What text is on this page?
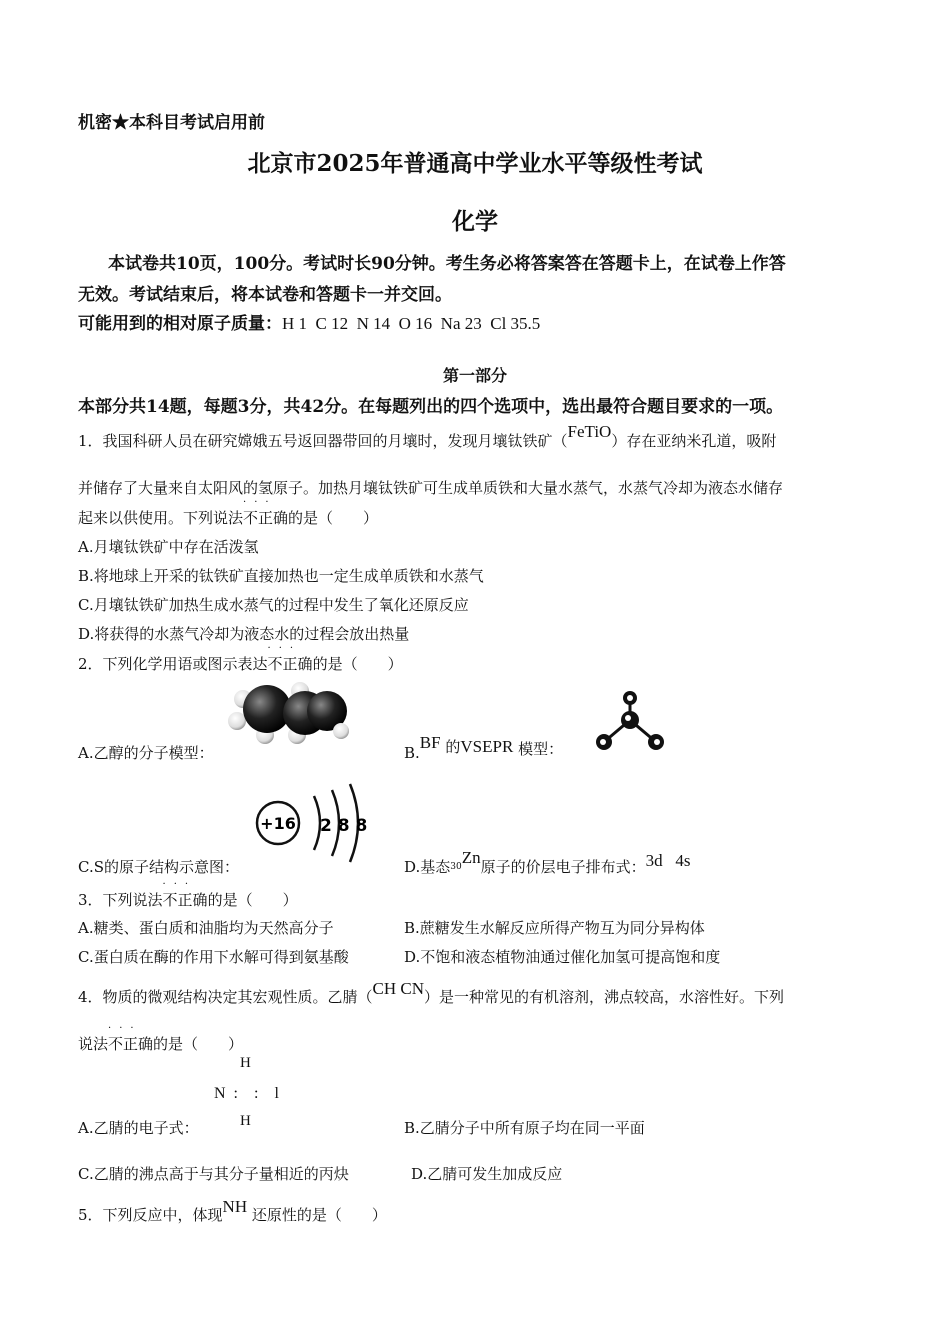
机密★本科目考试启用前
北京市2025年普通高中学业水平等级性考试
化学
本试卷共10页，100分。考试时长90分钟。考生务必将答案答在答题卡上，在试卷上作答
无效。考试结束后，将本试卷和答题卡一并交回。
可能用到的相对原子质量：H 1  C 12  N 14  O 16  Na 23  Cl 35.5
第一部分
本部分共14题，每题3分，共42分。在每题列出的四个选项中，选出最符合题目要求的一项。
1．我国科研人员在研究嫦娥五号返回器带回的月壤时，发现月壤钛铁矿（FeTiO）存在亚纳米孔道，吸附
并储存了大量来自太阳风的氢原子。加热月壤钛铁矿可生成单质铁和大量水蒸气，水蒸气冷却为液态水储存
起来以供使用。下列说法
·​·​·
不正确的是（　　）
A.月壤钛铁矿中存在活泼氢
B.将地球上开采的钛铁矿直接加热也一定生成单质铁和水蒸气
C.月壤钛铁矿加热生成水蒸气的过程中发生了氧化还原反应
D.将获得的水蒸气冷却为液态水的过程会放出热量
2．下列化学用语或图示表达
·​·​·
不正确的是（　　）
A.乙醇的分子模型：	B.BF 的VSEPR 模型：
+16 2 8 8
C.S的原子结构示意图：	D.基态$_{30}$Zn原子的价层电子排布式：3d   4s
3．下列说法
·​·​·
不正确的是（　　）
A.糖类、蛋白质和油脂均为天然高分子	B.蔗糖发生水解反应所得产物互为同分异构体
C.蛋白质在酶的作用下水解可得到氨基酸	D.不饱和液态植物油通过催化加氢可提高饱和度
4．物质的微观结构决定其宏观性质。乙腈（CH CN）是一种常见的有机溶剂，沸点较高，水溶性好。下列
说法
·​·​·
不正确的是（　　）
H
N  :    :    l
H
A.乙腈的电子式：	B.乙腈分子中所有原子均在同一平面
C.乙腈的沸点高于与其分子量相近的丙炔	D.乙腈可发生加成反应
5．下列反应中，体现NH 还原性的是（　　）
